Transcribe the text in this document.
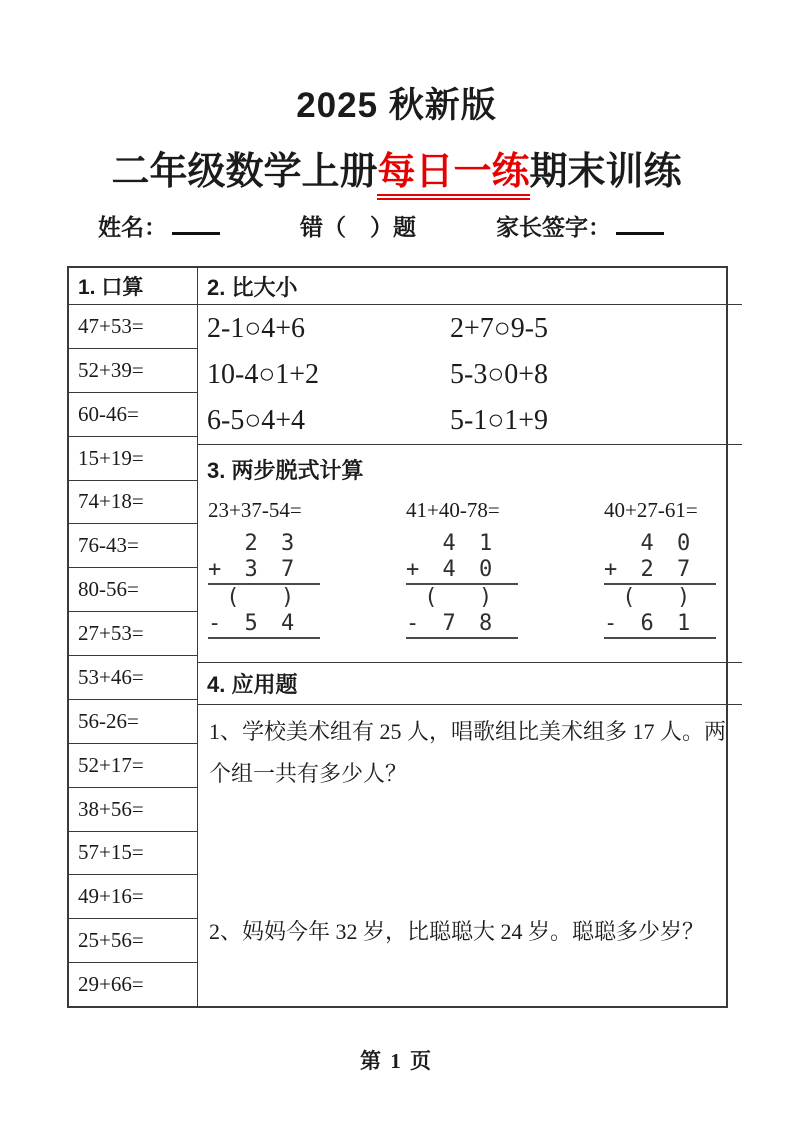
2025 秋新版
二年级数学上册每日一练期末训练
姓名：	错（ ）题	家长签字：
1. 口算
47+53=
52+39=
60-46=
15+19=
74+18=
76-43=
80-56=
27+53=
53+46=
56-26=
52+17=
38+56=
57+15=
49+16=
25+56=
29+66=
2. 比大小
2-1○4+6	2+7○9-5
10-4○1+2	5-3○0+8
6-5○4+4	5-1○1+9
3. 两步脱式计算
23+37-54=
2 3
+ 3 7
(  )
- 5 4
41+40-78=
4 1
+ 4 0
(  )
- 7 8
40+27-61=
4 0
+ 2 7
(  )
- 6 1
4. 应用题

1、学校美术组有 25 人，唱歌组比美术组多 17 人。两个组一共有多少人？

2、妈妈今年 32 岁，比聪聪大 24 岁。聪聪多少岁？

第 1 页
